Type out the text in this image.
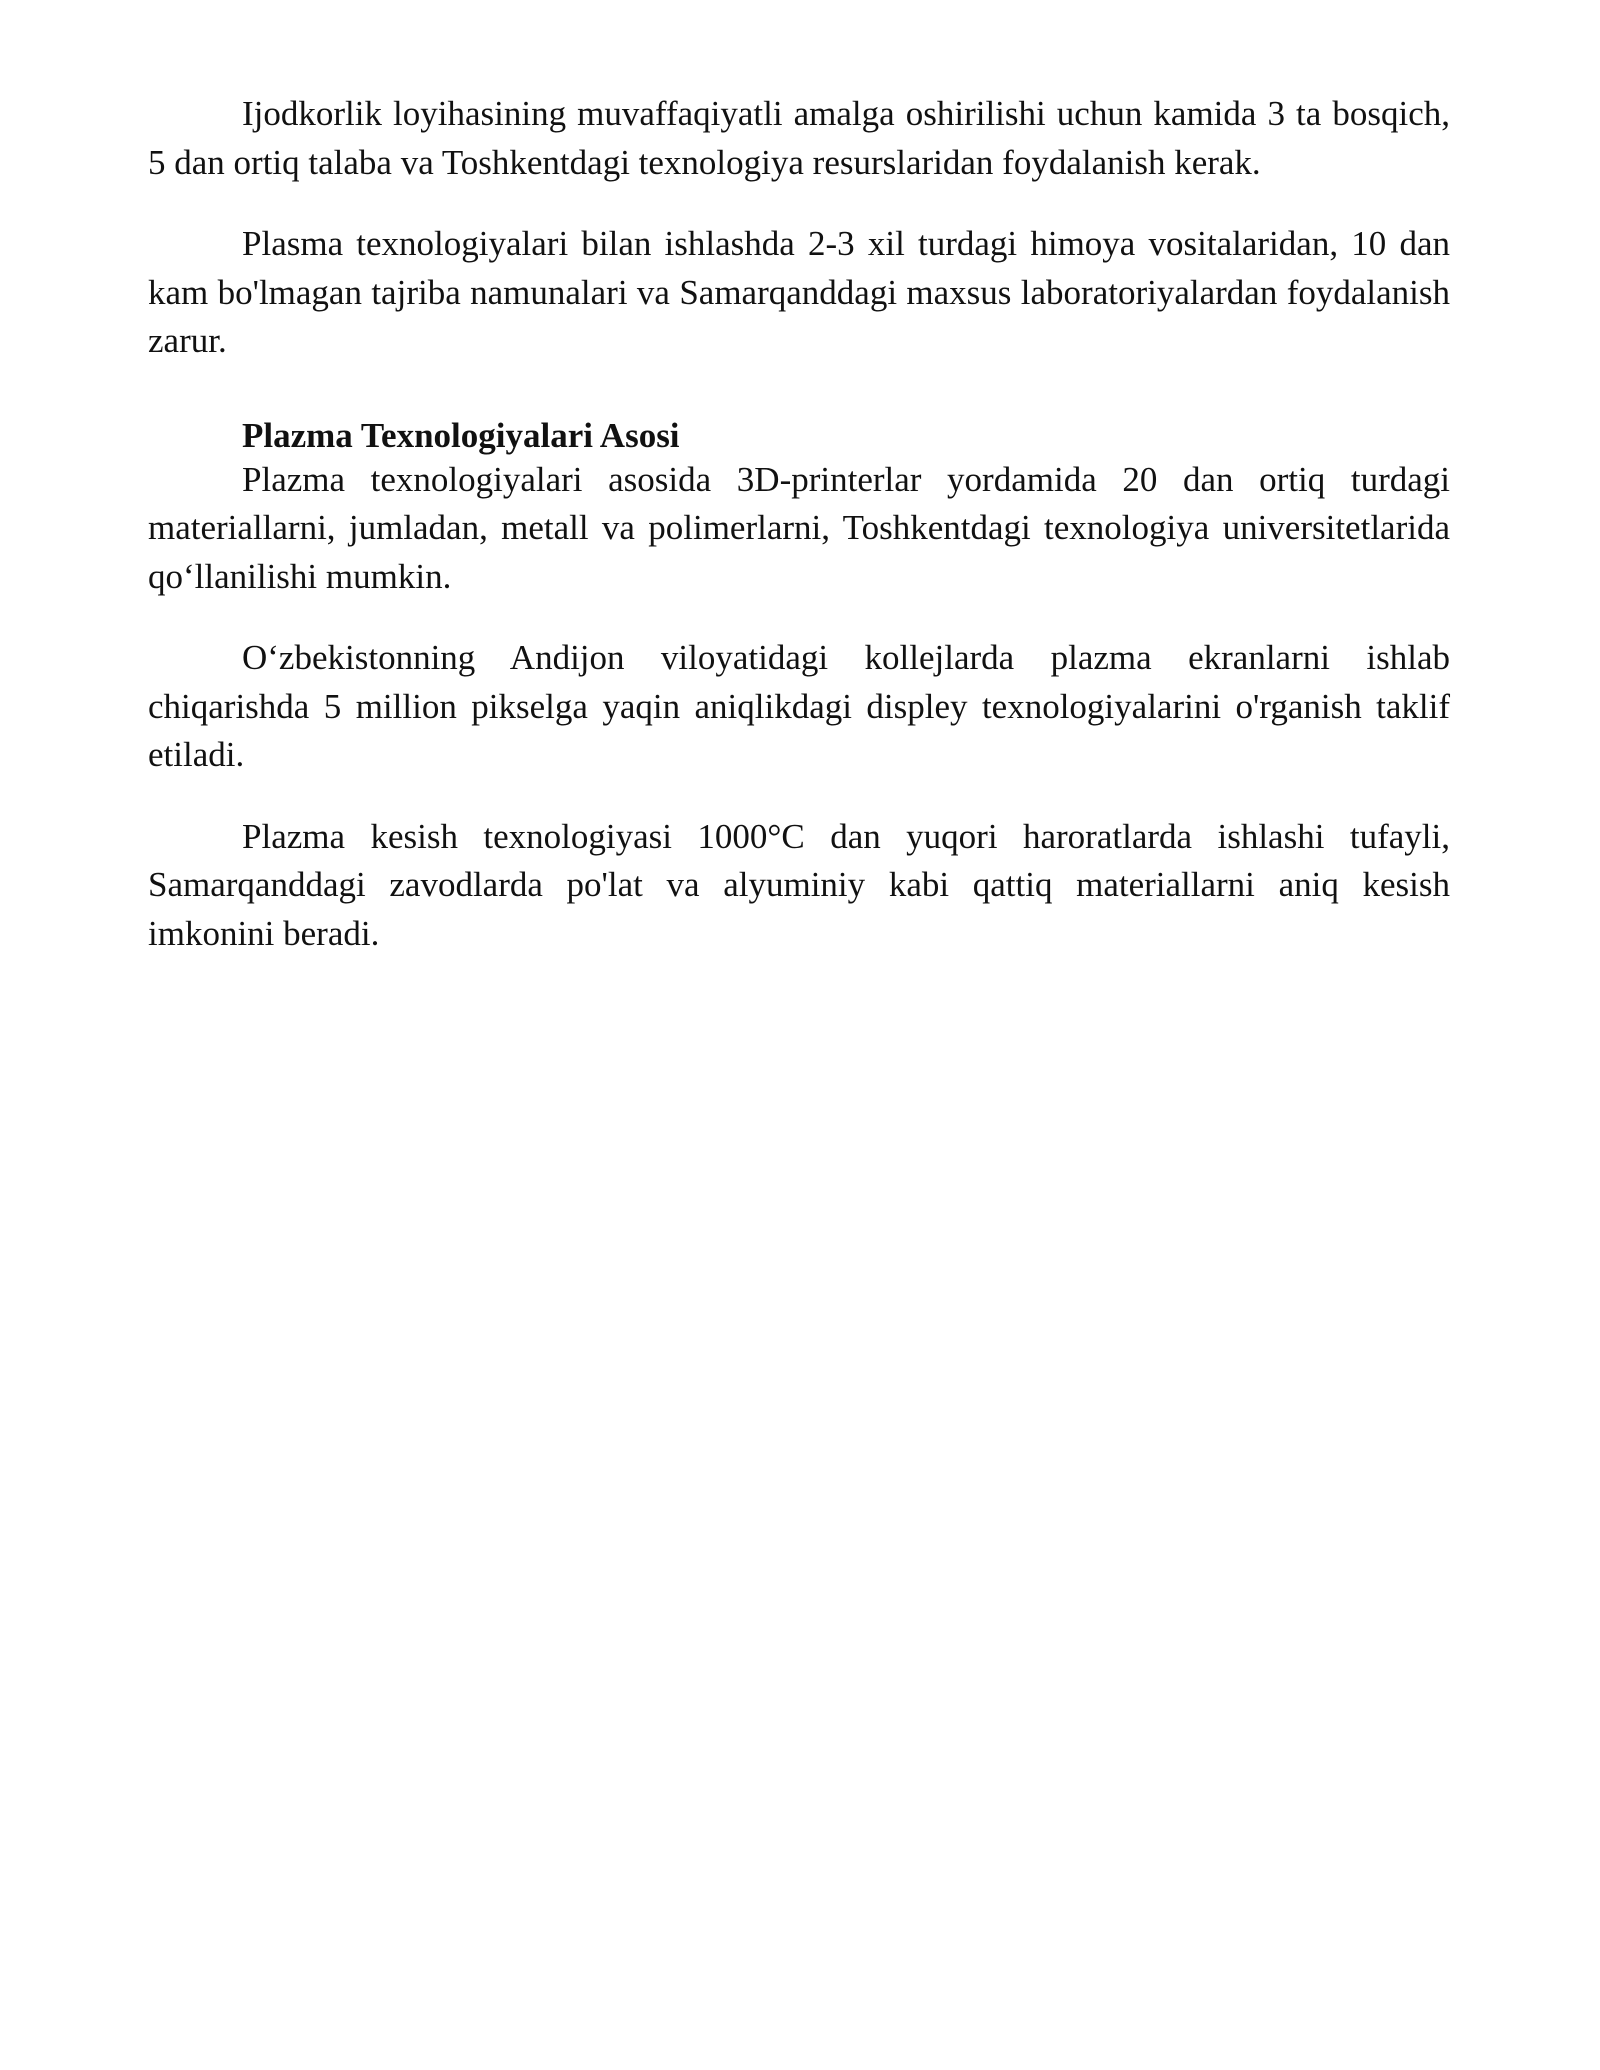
Ijodkorlik loyihasining muvaffaqiyatli amalga oshirilishi uchun kamida 3 ta bosqich, 5 dan ortiq talaba va Toshkentdagi texnologiya resurslaridan foydalanish kerak.

Plasma texnologiyalari bilan ishlashda 2-3 xil turdagi himoya vositalaridan, 10 dan kam bo'lmagan tajriba namunalari va Samarqanddagi maxsus laboratoriyalardan foydalanish zarur.

Plazma Texnologiyalari Asosi

Plazma texnologiyalari asosida 3D-printerlar yordamida 20 dan ortiq turdagi materiallarni, jumladan, metall va polimerlarni, Toshkentdagi texnologiya universitetlarida qo‘llanilishi mumkin.

O‘zbekistonning Andijon viloyatidagi kollejlarda plazma ekranlarni ishlab chiqarishda 5 million pikselga yaqin aniqlikdagi displey texnologiyalarini o'rganish taklif etiladi.

Plazma kesish texnologiyasi 1000°C dan yuqori haroratlarda ishlashi tufayli, Samarqanddagi zavodlarda po'lat va alyuminiy kabi qattiq materiallarni aniq kesish imkonini beradi.
